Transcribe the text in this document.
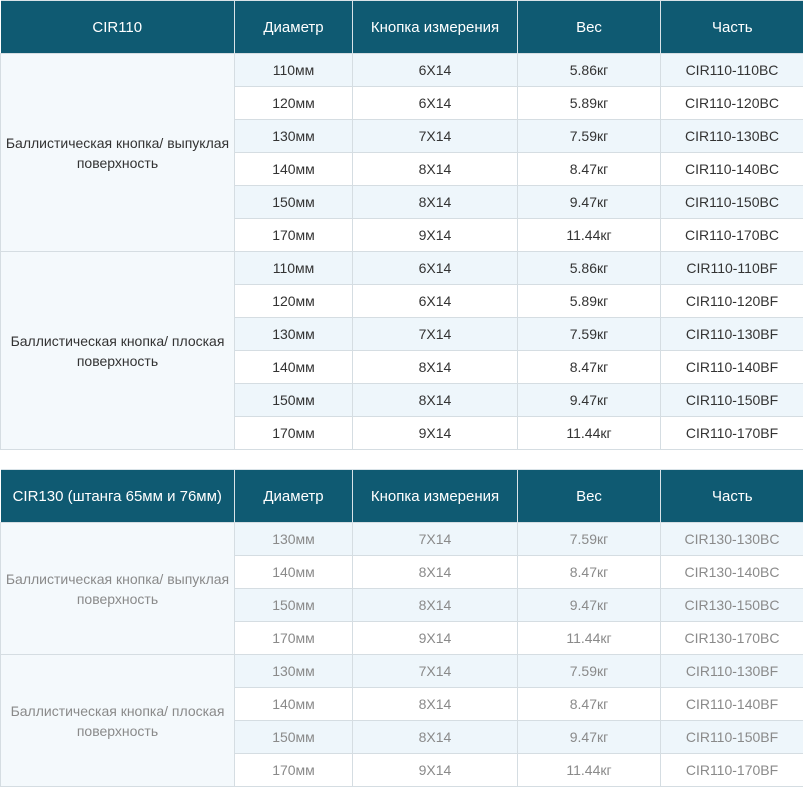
CIR110	Диаметр	Кнопка измерения	Вес	Часть
Баллистическая кнопка/ выпуклая поверхность	110мм	6X14	5.86кг	CIR110-110BC
	120мм	6X14	5.89кг	CIR110-120BC
	130мм	7X14	7.59кг	CIR110-130BC
	140мм	8X14	8.47кг	CIR110-140BC
	150мм	8X14	9.47кг	CIR110-150BC
	170мм	9X14	11.44кг	CIR110-170BC
Баллистическая кнопка/ плоская поверхность	110мм	6X14	5.86кг	CIR110-110BF
	120мм	6X14	5.89кг	CIR110-120BF
	130мм	7X14	7.59кг	CIR110-130BF
	140мм	8X14	8.47кг	CIR110-140BF
	150мм	8X14	9.47кг	CIR110-150BF
	170мм	9X14	11.44кг	CIR110-170BF
CIR130 (штанга 65мм и 76мм)	Диаметр	Кнопка измерения	Вес	Часть
Баллистическая кнопка/ выпуклая поверхность	130мм	7X14	7.59кг	CIR130-130BC
	140мм	8X14	8.47кг	CIR130-140BC
	150мм	8X14	9.47кг	CIR130-150BC
	170мм	9X14	11.44кг	CIR130-170BC
Баллистическая кнопка/ плоская поверхность	130мм	7X14	7.59кг	CIR110-130BF
	140мм	8X14	8.47кг	CIR110-140BF
	150мм	8X14	9.47кг	CIR110-150BF
	170мм	9X14	11.44кг	CIR110-170BF
